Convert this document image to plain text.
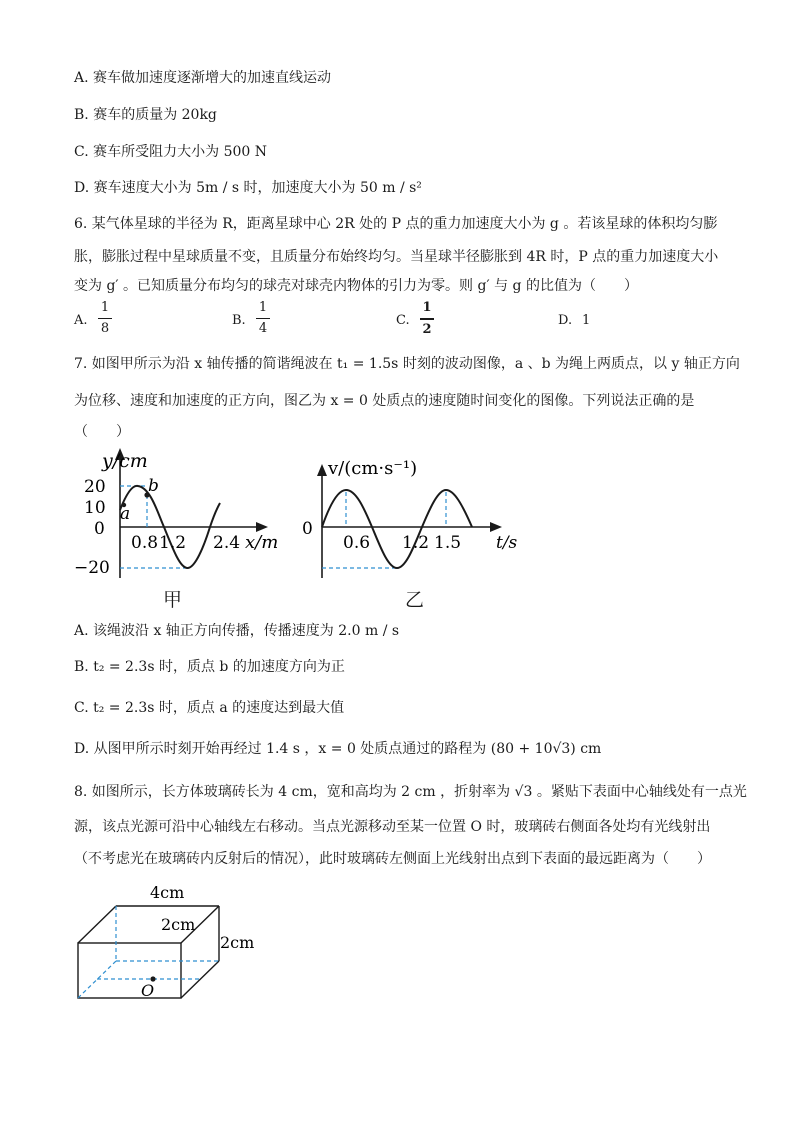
A. 赛车做加速度逐渐增大的加速直线运动
B. 赛车的质量为 20kg
C. 赛车所受阻力大小为 500 N
D. 赛车速度大小为 5m / s 时，加速度大小为 50 m / s²
6. 某气体星球的半径为 R，距离星球中心 2R 处的 P 点的重力加速度大小为 g 。若该星球的体积均匀膨
胀，膨胀过程中星球质量不变，且质量分布始终均匀。当星球半径膨胀到 4R 时，P 点的重力加速度大小
变为 g′ 。已知质量分布均匀的球壳对球壳内物体的引力为零。则 g′ 与 g 的比值为（　　）
A.
1
8
B.
1
4
C.
1
2
D. 1
7. 如图甲所示为沿 x 轴传播的简谐绳波在 t₁ = 1.5s 时刻的波动图像，a 、b 为绳上两质点，以 y 轴正方向
为位移、速度和加速度的正方向，图乙为 x = 0 处质点的速度随时间变化的图像。下列说法正确的是
（　　）
y/cm
20
10
0
−20
a
b
0.8 1.2 2.4 x/m
甲
v/(cm·s⁻¹)
0
0.6 1.2 1.5 t/s
乙
A. 该绳波沿 x 轴正方向传播，传播速度为 2.0 m / s
B. t₂ = 2.3s 时，质点 b 的加速度方向为正
C. t₂ = 2.3s 时，质点 a 的速度达到最大值
D. 从图甲所示时刻开始再经过 1.4 s ，x = 0 处质点通过的路程为 (80 + 10√3) cm
8. 如图所示，长方体玻璃砖长为 4 cm，宽和高均为 2 cm ，折射率为 √3 。紧贴下表面中心轴线处有一点光
源，该点光源可沿中心轴线左右移动。当点光源移动至某一位置 O 时，玻璃砖右侧面各处均有光线射出
（不考虑光在玻璃砖内反射后的情况），此时玻璃砖左侧面上光线射出点到下表面的最远距离为（　　）
4cm
2cm
2cm
O
